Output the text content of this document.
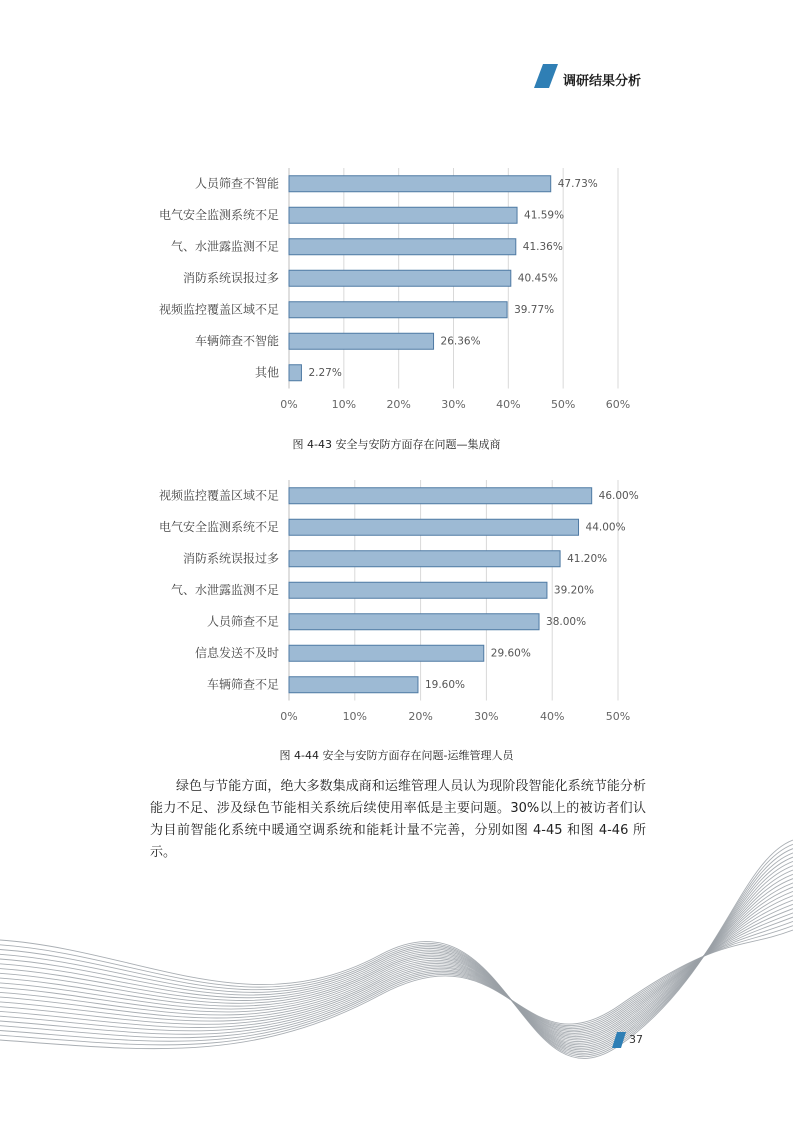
调研结果分析
0%	10%	20%	30%	40%	50%	60%
人员筛查不智能	47.73%
电气安全监测系统不足	41.59%
气、水泄露监测不足	41.36%
消防系统误报过多	40.45%
视频监控覆盖区域不足	39.77%
车辆筛查不智能	26.36%
其他	2.27%
图 4-43 安全与安防方面存在问题—集成商
0%	10%	20%	30%	40%	50%
视频监控覆盖区域不足	46.00%
电气安全监测系统不足	44.00%
消防系统误报过多	41.20%
气、水泄露监测不足	39.20%
人员筛查不足	38.00%
信息发送不及时	29.60%
车辆筛查不足	19.60%
图 4-44 安全与安防方面存在问题-运维管理人员
绿色与节能方面，绝大多数集成商和运维管理人员认为现阶段智能化系统节能分析能力不足、涉及绿色节能相关系统后续使用率低是主要问题。30%以上的被访者们认为目前智能化系统中暖通空调系统和能耗计量不完善，分别如图 4-45 和图 4-46 所示。
37
